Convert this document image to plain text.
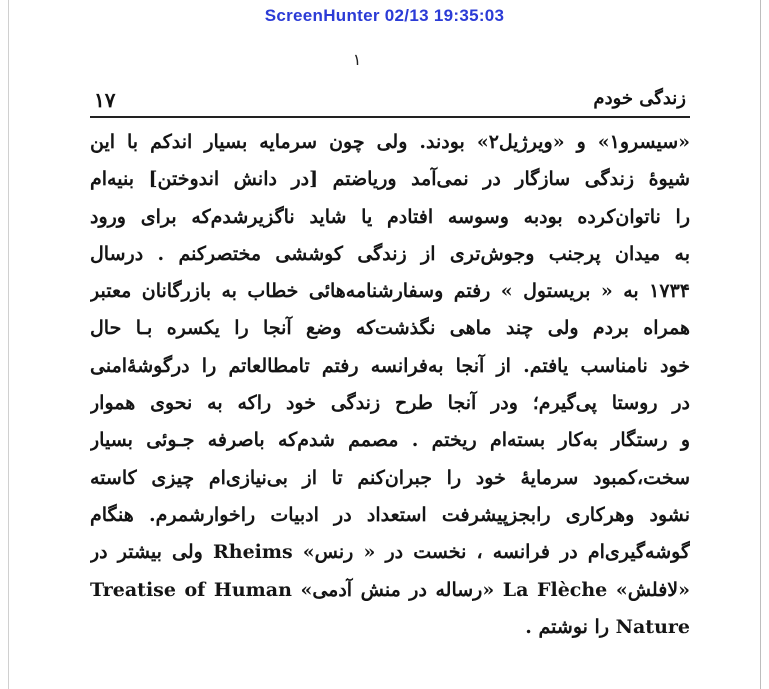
ScreenHunter 02/13 19:35:03
١
١٧	زندگی خودم
«سیسرو۱» و «ویرژیل۲» بودند. ولی چون سرمایه بسیار اندکم با این
شیوهٔ زندگی سازگار در نمی‌آمد وریاضتم [در دانش اندوختن] بنیه‌ام
را ناتوان‌کرده بودبه وسوسه افتادم یا شاید ناگزیرشدم‌که برای ورود
به میدان پرجنب وجوش‌تری از زندگی کوششی مختصرکنم . درسال
۱۷۳۴ به « بریستول » رفتم وسفارشنامه‌هائی خطاب به بازرگانان معتبر
همراه بردم ولی چند ماهی نگذشت‌که وضع آنجا را یکسره بـا حال
خود نامناسب یافتم. از آنجا به‌فرانسه رفتم تامطالعاتم را درگوشهٔ‌امنی
در روستا پی‌گیرم؛ ودر آنجا طرح زندگی خود راکه به نحوی هموار
و رستگار به‌کار بسته‌ام ریختم . مصمم شدم‌که باصرفه جـوئی بسیار
سخت،کمبود سرمایهٔ خود را جبران‌کنم تا از بی‌نیازی‌ام چیزی کاسته
نشود وهرکاری رابجزپیشرفت استعداد در ادبیات راخوارشمرم. هنگام
گوشه‌گیری‌ام در فرانسه ، نخست در « رنس» Rheims ولی بیشتر در
«لافلش» La Flèche «رساله در منش آدمی» Treatise of Human
Nature را نوشتم .
